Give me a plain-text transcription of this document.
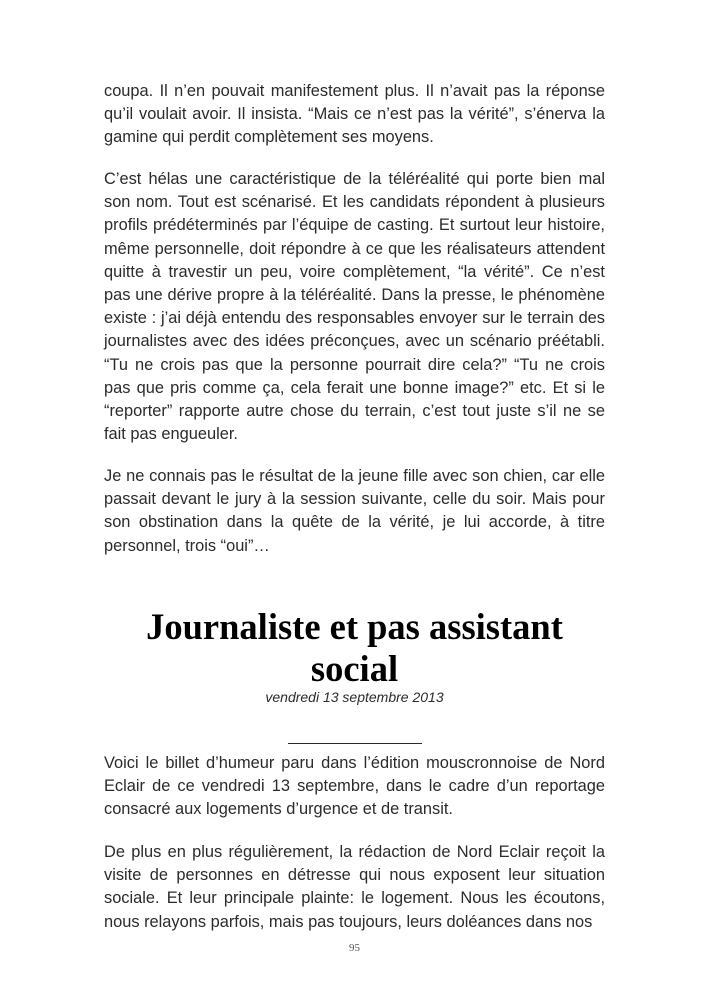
coupa. Il n’en pouvait manifestement plus. Il n’avait pas la réponse qu’il voulait avoir. Il insista. “Mais ce n’est pas la vérité”, s’énerva la gamine qui perdit complètement ses moyens.

C’est hélas une caractéristique de la téléréalité qui porte bien mal son nom. Tout est scénarisé. Et les candidats répondent à plusieurs profils prédéterminés par l’équipe de casting. Et surtout leur histoire, même personnelle, doit répondre à ce que les réalisateurs attendent quitte à travestir un peu, voire complètement, “la vérité”. Ce n’est pas une dérive propre à la téléréalité. Dans la presse, le phénomène existe : j’ai déjà entendu des responsables envoyer sur le terrain des journalistes avec des idées préconçues, avec un scénario préétabli. “Tu ne crois pas que la personne pourrait dire cela?” “Tu ne crois pas que pris comme ça, cela ferait une bonne image?” etc. Et si le “reporter” rapporte autre chose du terrain, c’est tout juste s’il ne se fait pas engueuler.

Je ne connais pas le résultat de la jeune fille avec son chien, car elle passait devant le jury à la session suivante, celle du soir. Mais pour son obstination dans la quête de la vérité, je lui accorde, à titre personnel, trois “oui”…

Journaliste et pas assistant social
vendredi 13 septembre 2013

Voici le billet d’humeur paru dans l’édition mouscronnoise de Nord Eclair de ce vendredi 13 septembre, dans le cadre d’un reportage consacré aux logements d’urgence et de transit.

De plus en plus régulièrement, la rédaction de Nord Eclair reçoit la visite de personnes en détresse qui nous exposent leur situation sociale. Et leur principale plainte: le logement. Nous les écoutons, nous relayons parfois, mais pas toujours, leurs doléances dans nos

95
